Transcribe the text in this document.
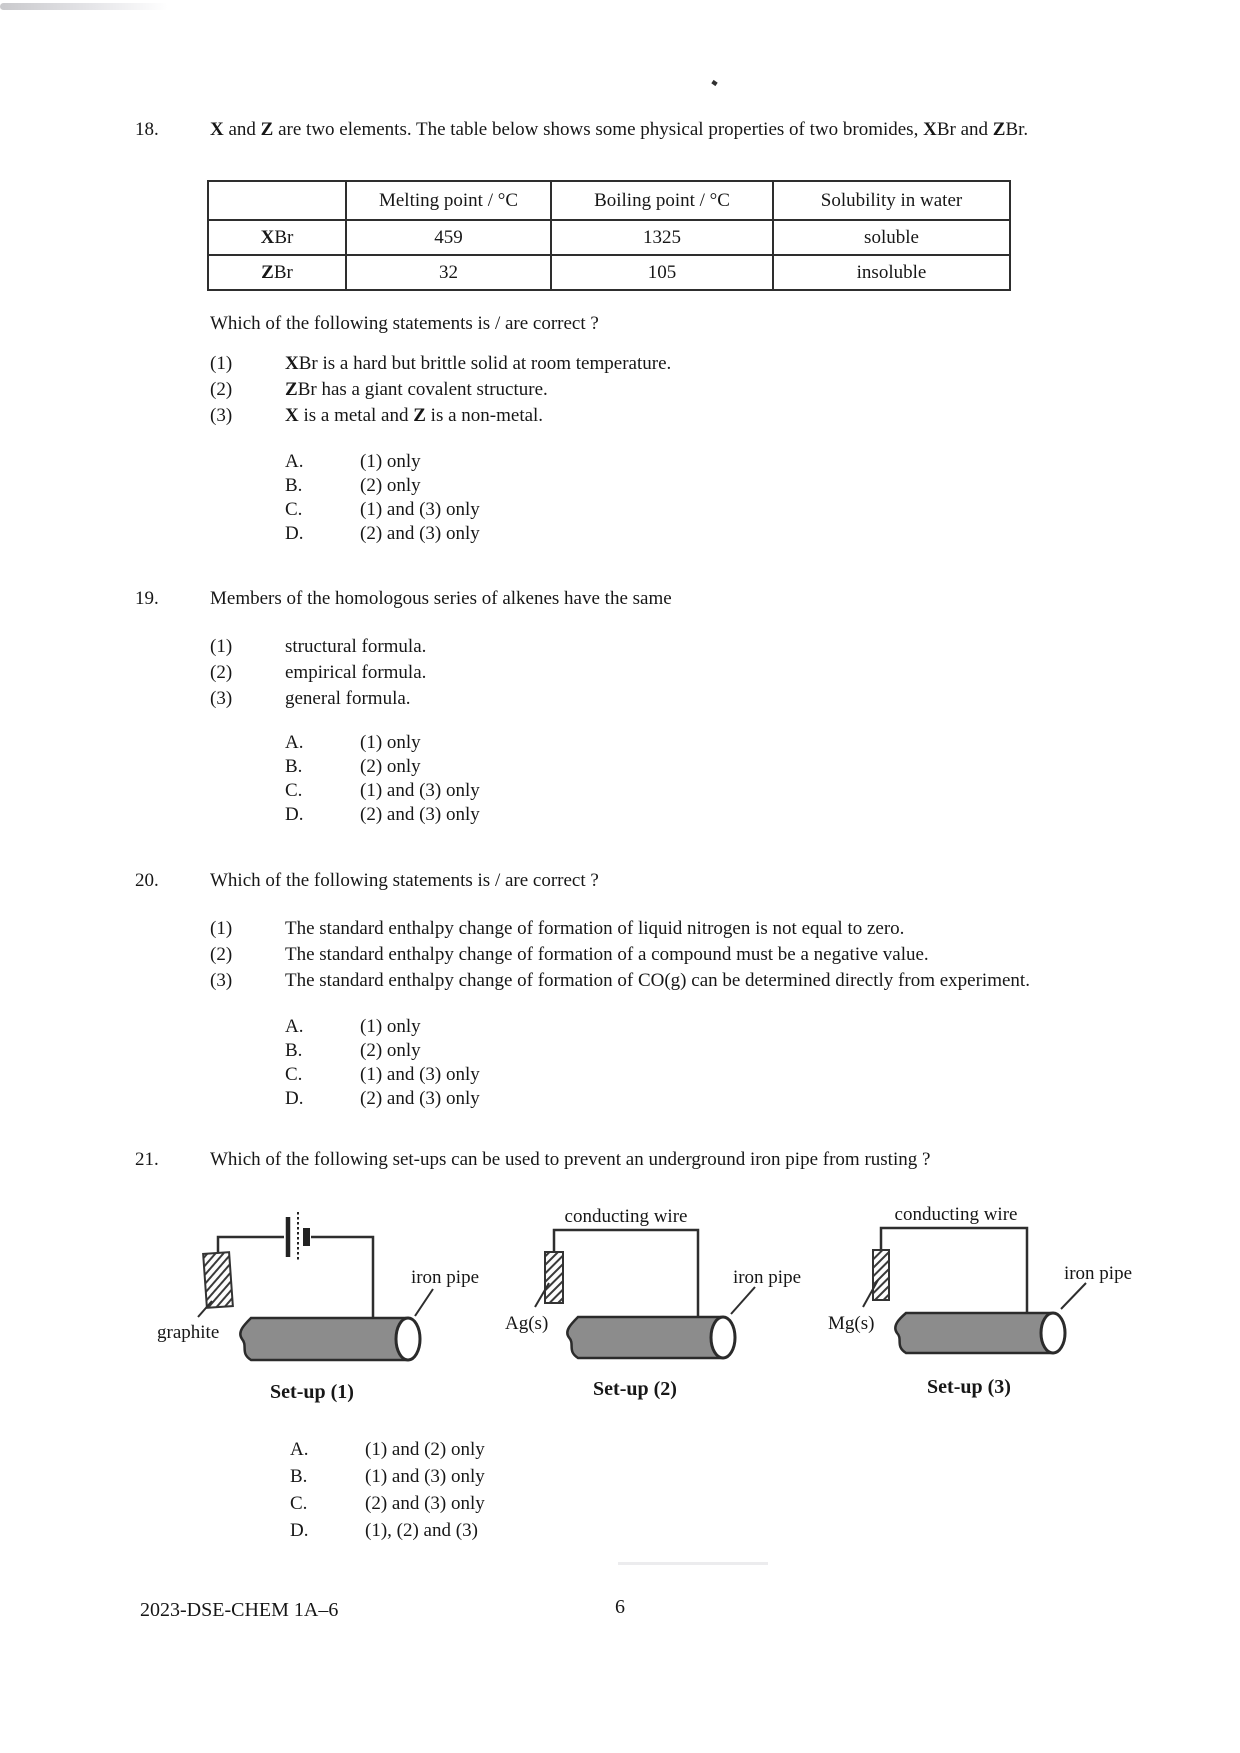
18.	X and Z are two elements. The table below shows some physical properties of two bromides, XBr and ZBr.
	Melting point / °C	Boiling point / °C	Solubility in water
XBr	459	1325	soluble
ZBr	32	105	insoluble
Which of the following statements is / are correct ?
(1)	XBr is a hard but brittle solid at room temperature.
(2)	ZBr has a giant covalent structure.
(3)	X is a metal and Z is a non-metal.
A.	(1) only
B.	(2) only
C.	(1) and (3) only
D.	(2) and (3) only
19.	Members of the homologous series of alkenes have the same
(1)	structural formula.
(2)	empirical formula.
(3)	general formula.
A.	(1) only
B.	(2) only
C.	(1) and (3) only
D.	(2) and (3) only
20.	Which of the following statements is / are correct ?
(1)	The standard enthalpy change of formation of liquid nitrogen is not equal to zero.
(2)	The standard enthalpy change of formation of a compound must be a negative value.
(3)	The standard enthalpy change of formation of CO(g) can be determined directly from experiment.
A.	(1) only
B.	(2) only
C.	(1) and (3) only
D.	(2) and (3) only
21.	Which of the following set-ups can be used to prevent an underground iron pipe from rusting ?
graphite
iron pipe
Set-up (1)
conducting wire
Ag(s)
iron pipe
Set-up (2)
conducting wire
Mg(s)
iron pipe
Set-up (3)
A.	(1) and (2) only
B.	(1) and (3) only
C.	(2) and (3) only
D.	(1), (2) and (3)
2023-DSE-CHEM 1A–6	6
